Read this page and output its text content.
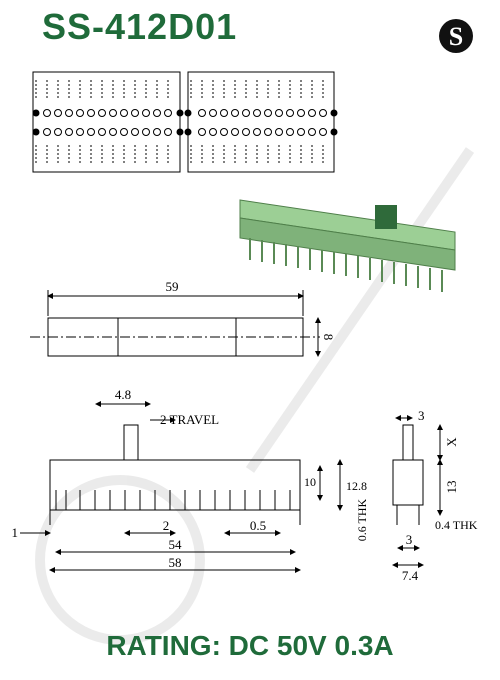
SS-412D01	S
59
8
4.8
2 TRAVEL
10	12.8
1	2	0.5
54
58
3
X
13
0.6 THK	0.4 THK
3
7.4

RATING: DC 50V 0.3A
